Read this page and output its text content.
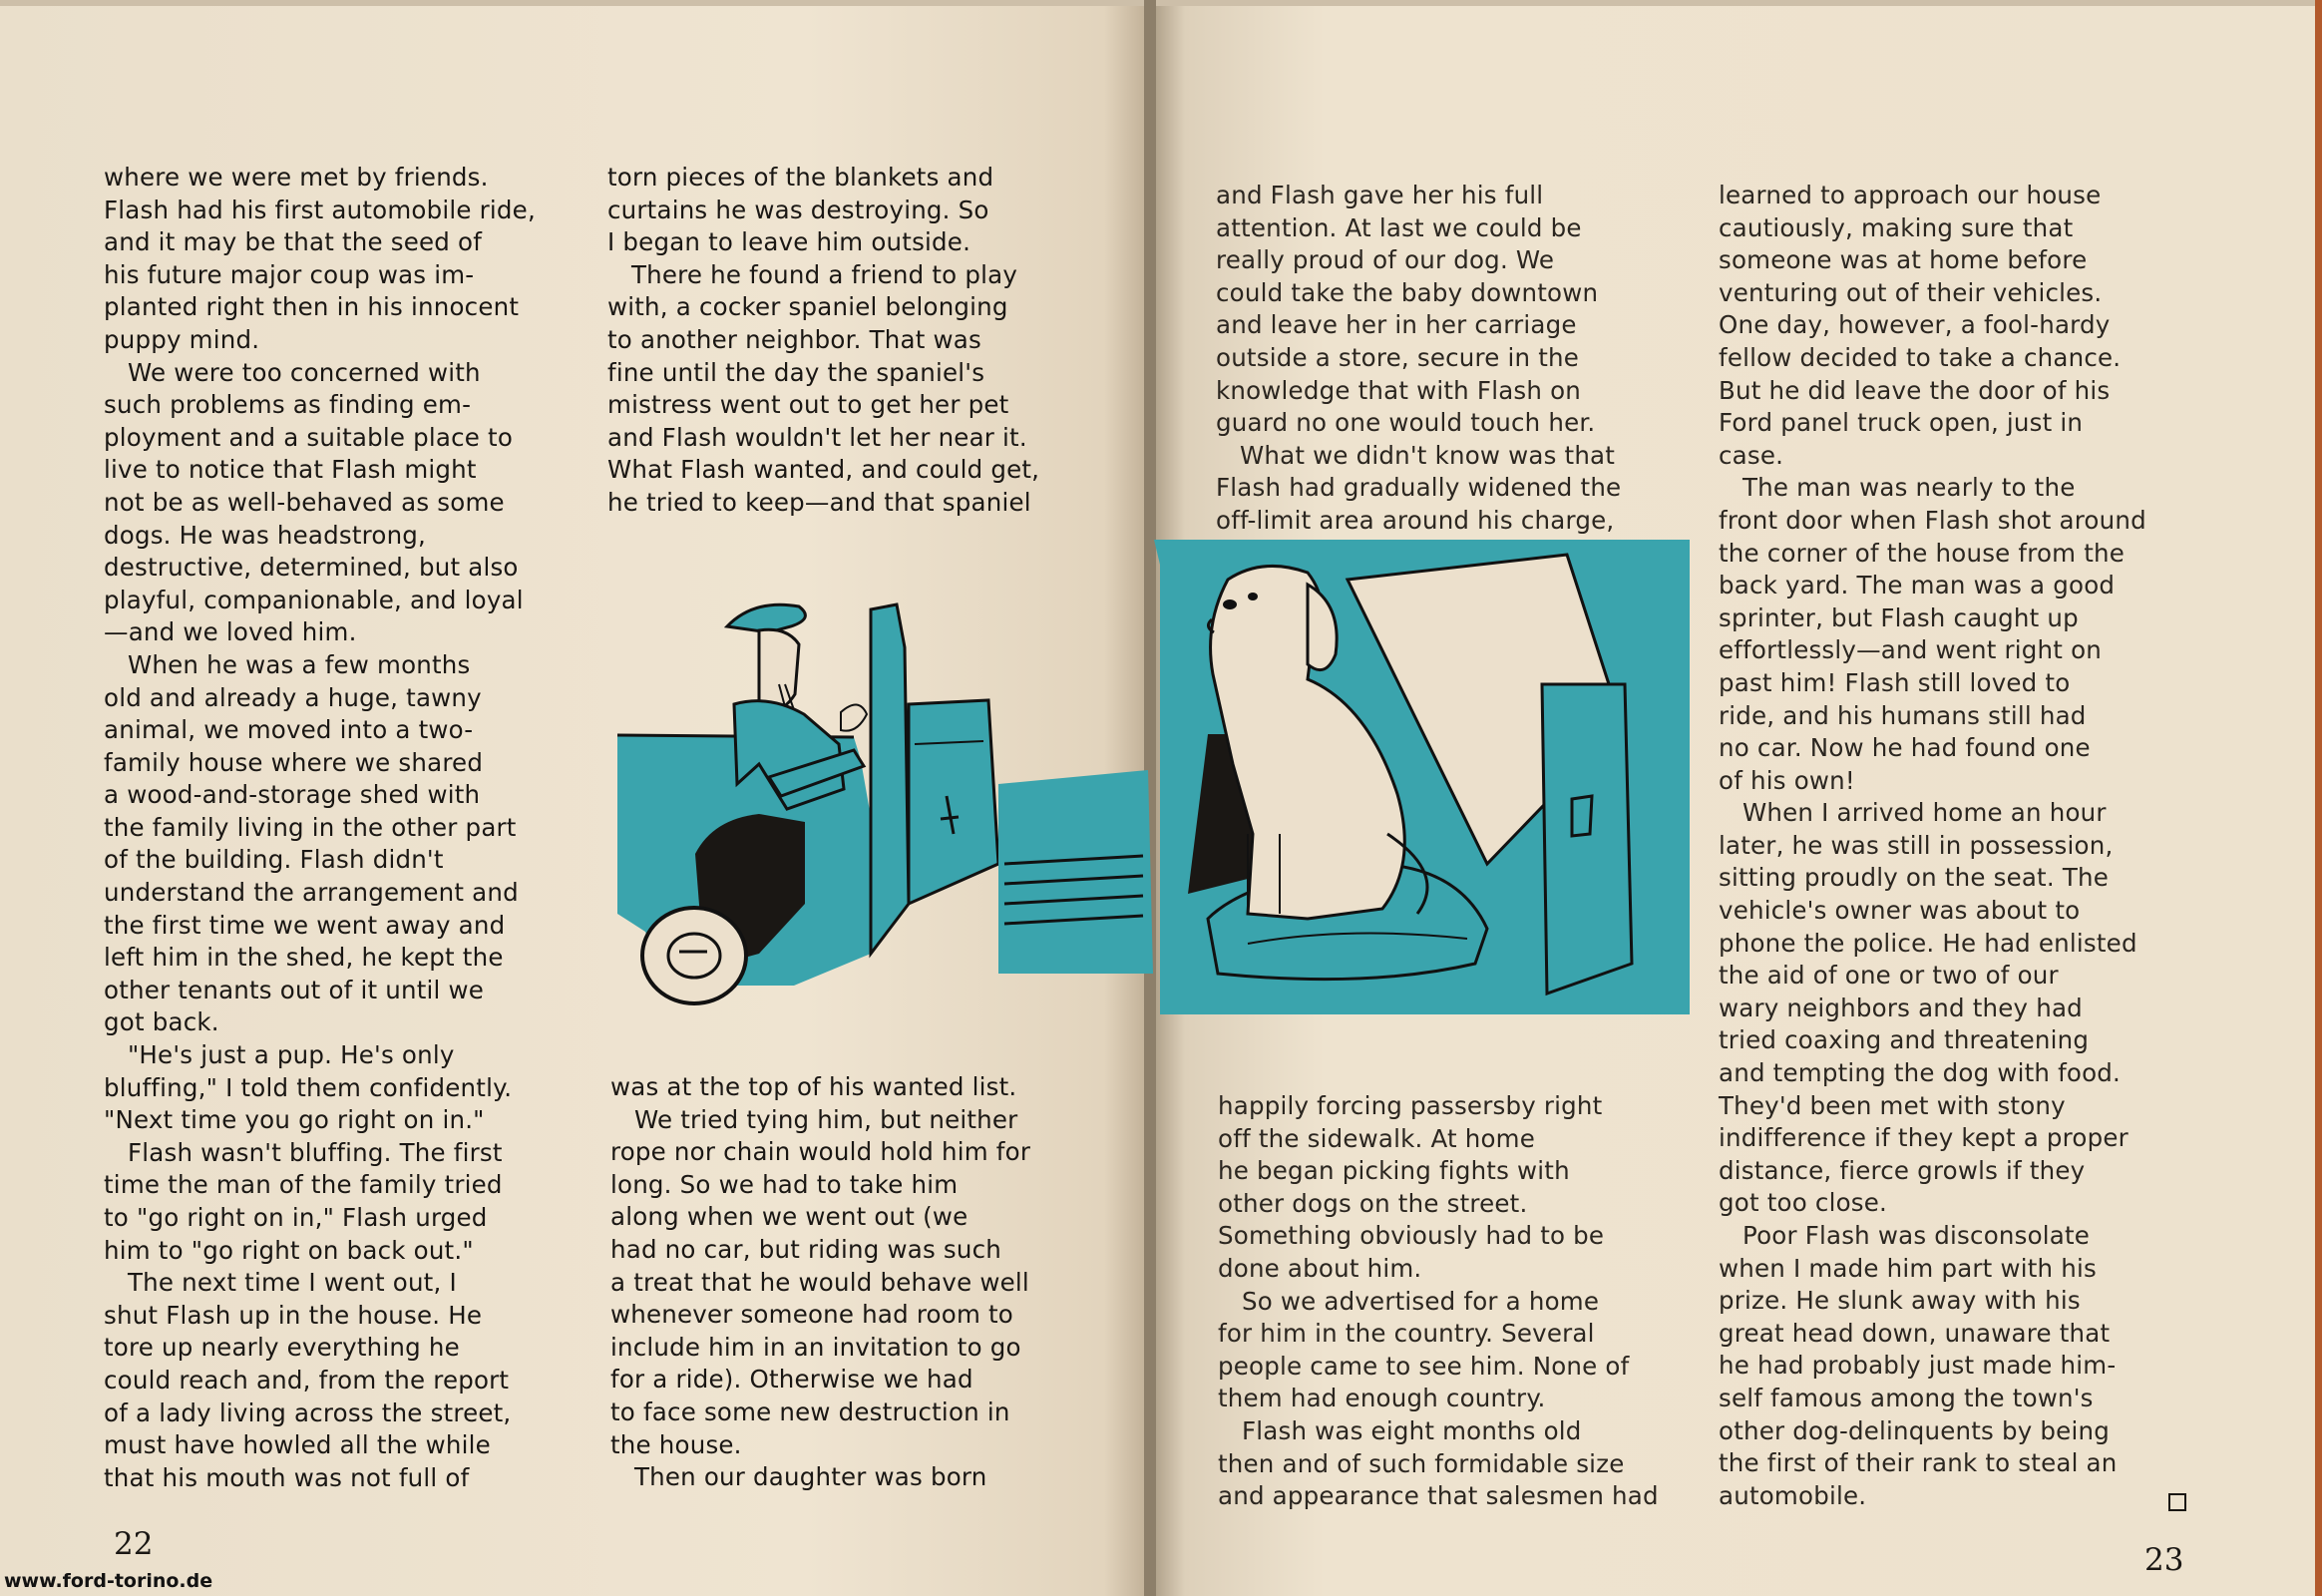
where we were met by friends.
Flash had his first automobile ride,
and it may be that the seed of
his future major coup was im-
planted right then in his innocent
puppy mind.
We were too concerned with
such problems as finding em-
ployment and a suitable place to
live to notice that Flash might
not be as well-behaved as some
dogs. He was headstrong,
destructive, determined, but also
playful, companionable, and loyal
—and we loved him.
When he was a few months
old and already a huge, tawny
animal, we moved into a two-
family house where we shared
a wood-and-storage shed with
the family living in the other part
of the building. Flash didn't
understand the arrangement and
the first time we went away and
left him in the shed, he kept the
other tenants out of it until we
got back.
"He's just a pup. He's only
bluffing," I told them confidently.
"Next time you go right on in."
Flash wasn't bluffing. The first
time the man of the family tried
to "go right on in," Flash urged
him to "go right on back out."
The next time I went out, I
shut Flash up in the house. He
tore up nearly everything he
could reach and, from the report
of a lady living across the street,
must have howled all the while
that his mouth was not full of
torn pieces of the blankets and
curtains he was destroying. So
I began to leave him outside.
There he found a friend to play
with, a cocker spaniel belonging
to another neighbor. That was
fine until the day the spaniel's
mistress went out to get her pet
and Flash wouldn't let her near it.
What Flash wanted, and could get,
he tried to keep—and that spaniel
was at the top of his wanted list.
We tried tying him, but neither
rope nor chain would hold him for
long. So we had to take him
along when we went out (we
had no car, but riding was such
a treat that he would behave well
whenever someone had room to
include him in an invitation to go
for a ride). Otherwise we had
to face some new destruction in
the house.
Then our daughter was born
and Flash gave her his full
attention. At last we could be
really proud of our dog. We
could take the baby downtown
and leave her in her carriage
outside a store, secure in the
knowledge that with Flash on
guard no one would touch her.
What we didn't know was that
Flash had gradually widened the
off-limit area around his charge,
happily forcing passersby right
off the sidewalk. At home
he began picking fights with
other dogs on the street.
Something obviously had to be
done about him.
So we advertised for a home
for him in the country. Several
people came to see him. None of
them had enough country.
Flash was eight months old
then and of such formidable size
and appearance that salesmen had
learned to approach our house
cautiously, making sure that
someone was at home before
venturing out of their vehicles.
One day, however, a fool-hardy
fellow decided to take a chance.
But he did leave the door of his
Ford panel truck open, just in
case.
The man was nearly to the
front door when Flash shot around
the corner of the house from the
back yard. The man was a good
sprinter, but Flash caught up
effortlessly—and went right on
past him! Flash still loved to
ride, and his humans still had
no car. Now he had found one
of his own!
When I arrived home an hour
later, he was still in possession,
sitting proudly on the seat. The
vehicle's owner was about to
phone the police. He had enlisted
the aid of one or two of our
wary neighbors and they had
tried coaxing and threatening
and tempting the dog with food.
They'd been met with stony
indifference if they kept a proper
distance, fierce growls if they
got too close.
Poor Flash was disconsolate
when I made him part with his
prize. He slunk away with his
great head down, unaware that
he had probably just made him-
self famous among the town's
other dog-delinquents by being
the first of their rank to steal an
automobile.
22	23
www.ford-torino.de
